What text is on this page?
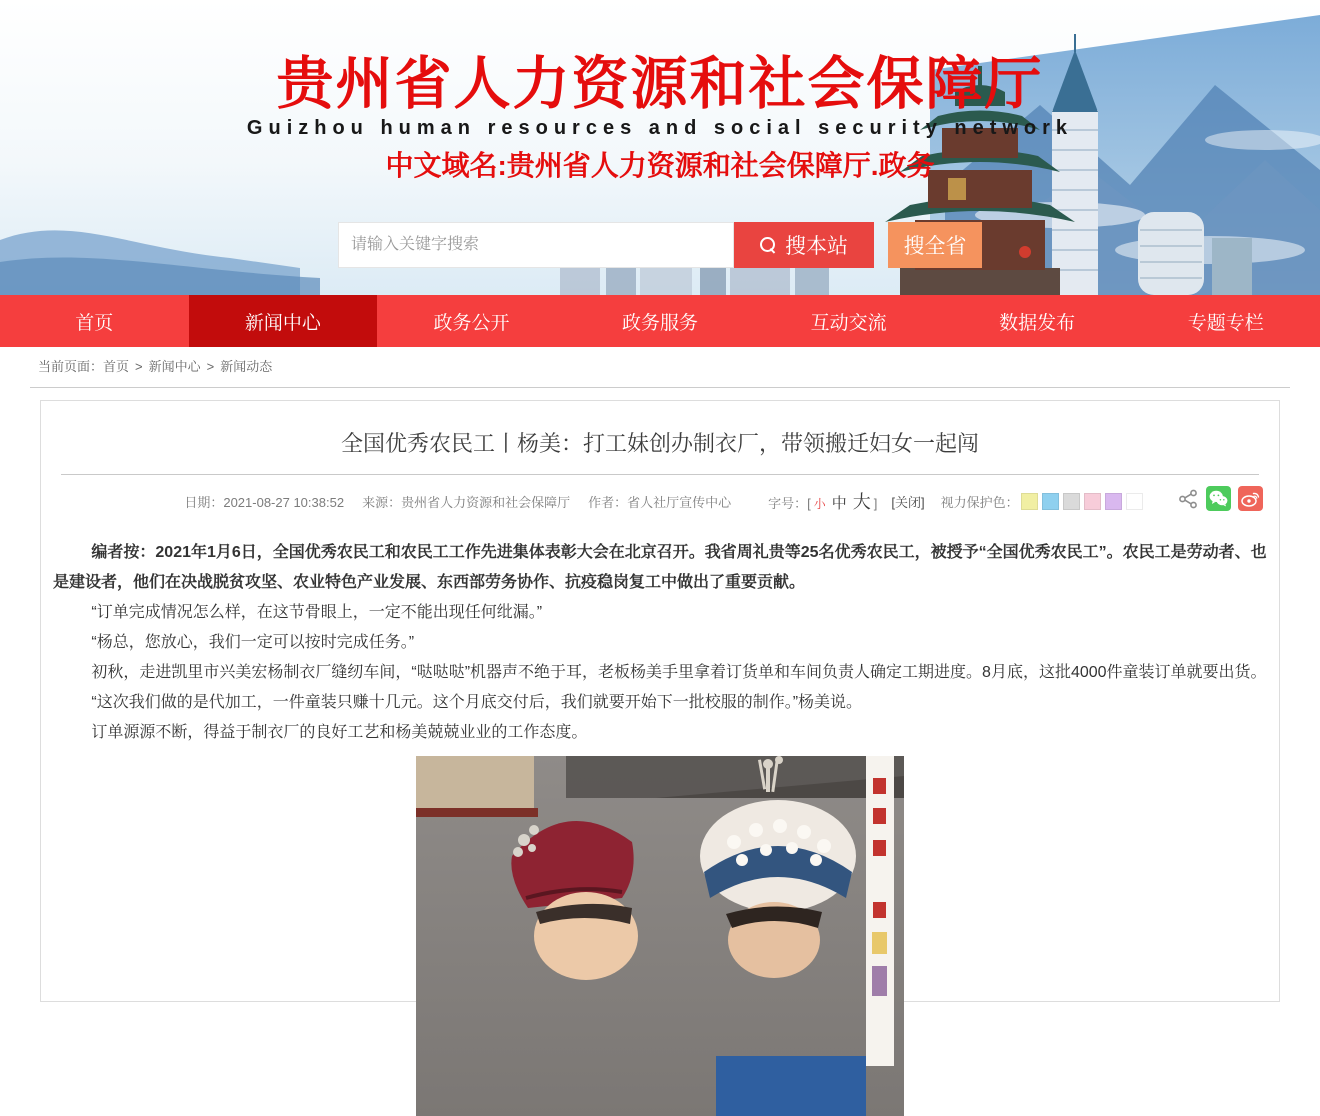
贵州省人力资源和社会保障厅
Guizhou human resources and social security network
中文域名:贵州省人力资源和社会保障厅.政务
请输入关键字搜索
搜本站	搜全省
首页	新闻中心	政务公开	政务服务	互动交流	数据发布	专题专栏
当前页面：首页 > 新闻中心 > 新闻动态
全国优秀农民工丨杨美：打工妹创办制衣厂，带领搬迁妇女一起闯
日期：2021-08-27 10:38:52 来源：贵州省人力资源和社会保障厅 作者：省人社厅宣传中心	字号：[ 小 中 大 ] [关闭] 视力保护色：

编者按：2021年1月6日，全国优秀农民工和农民工工作先进集体表彰大会在北京召开。我省周礼贵等25名优秀农民工，被授予“全国优秀农民工”。农民工是劳动者、也是建设者，他们在决战脱贫攻坚、农业特色产业发展、东西部劳务协作、抗疫稳岗复工中做出了重要贡献。

“订单完成情况怎么样，在这节骨眼上，一定不能出现任何纰漏。”

“杨总，您放心，我们一定可以按时完成任务。”

初秋，走进凯里市兴美宏杨制衣厂缝纫车间，“哒哒哒”机器声不绝于耳，老板杨美手里拿着订货单和车间负责人确定工期进度。8月底，这批4000件童装订单就要出货。

“这次我们做的是代加工，一件童装只赚十几元。这个月底交付后，我们就要开始下一批校服的制作。”杨美说。

订单源源不断，得益于制衣厂的良好工艺和杨美兢兢业业的工作态度。
